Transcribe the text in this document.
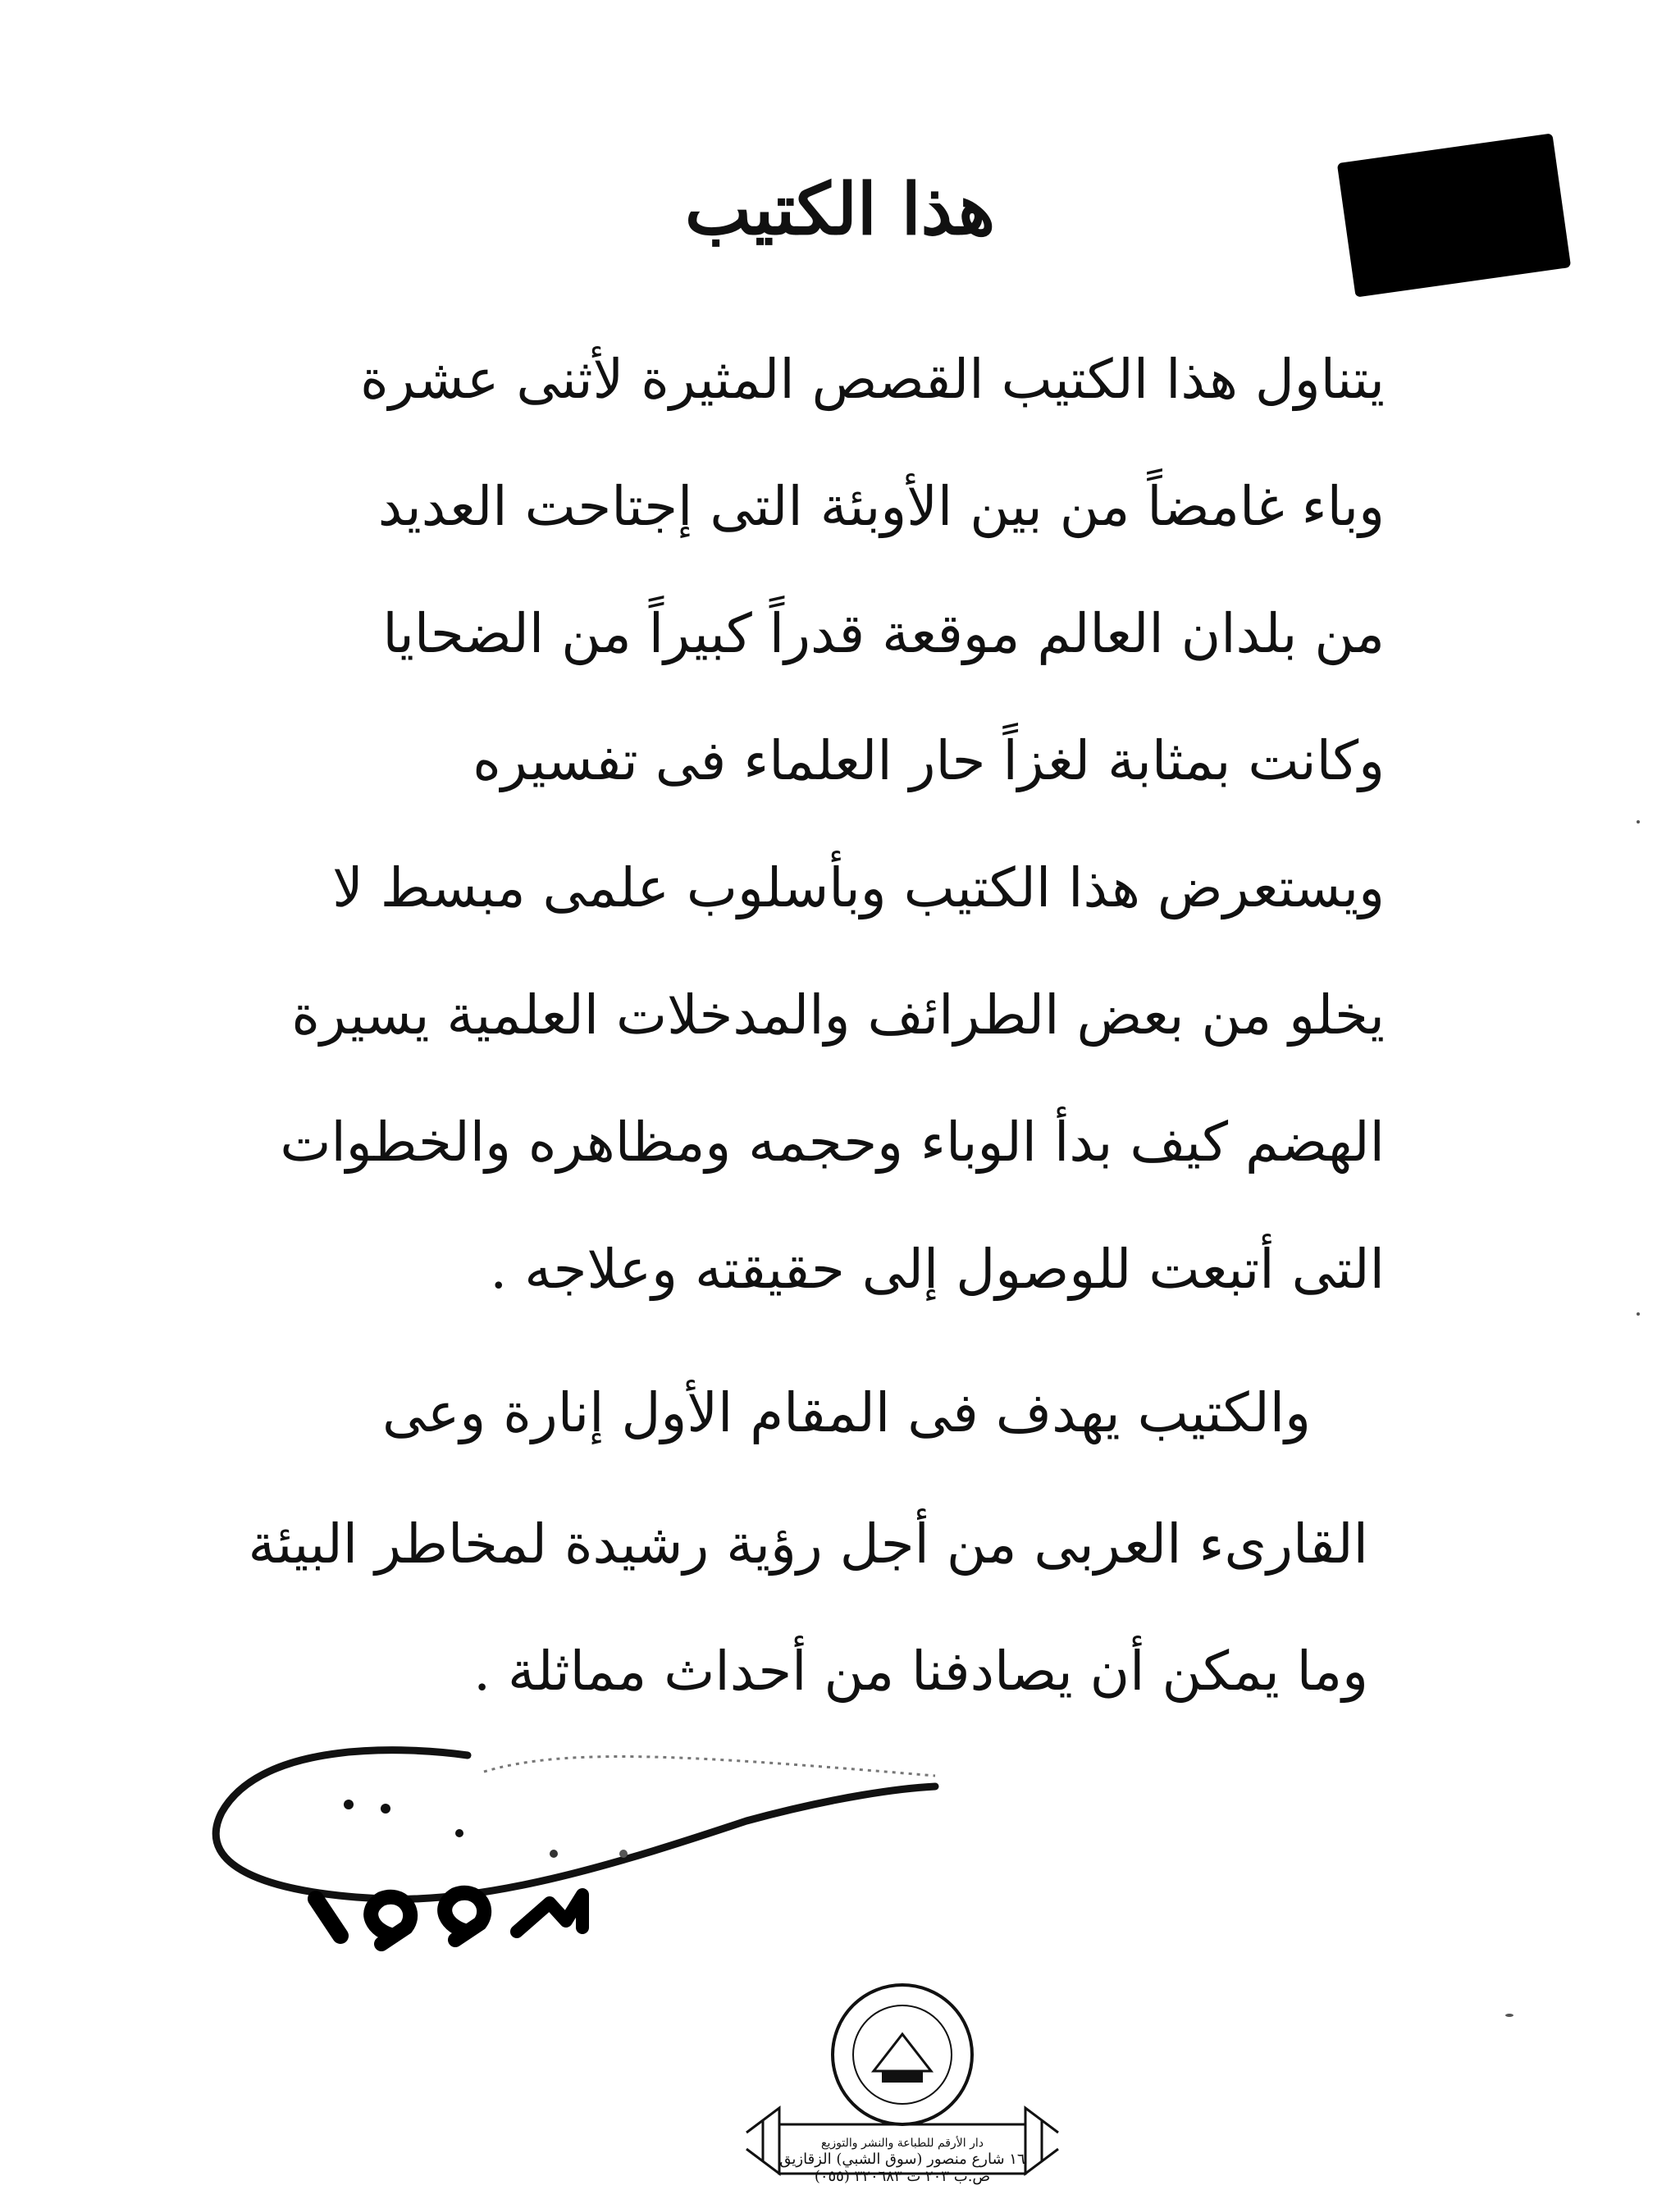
هذا الكتيب
يتناول هذا الكتيب القصص المثيرة لأثنى عشرة
وباء غامضاً من بين الأوبئة التى إجتاحت العديد
من بلدان العالم موقعة قدراً كبيراً من الضحايا
وكانت بمثابة لغزاً حار العلماء فى تفسيره
ويستعرض هذا الكتيب وبأسلوب علمى مبسط لا
يخلو من بعض الطرائف والمدخلات العلمية يسيرة
الهضم كيف بدأ الوباء وحجمه ومظاهره والخطوات
التى أتبعت للوصول إلى حقيقته وعلاجه .
والكتيب يهدف فى المقام الأول إنارة وعى
القارىء العربى من أجل رؤية رشيدة لمخاطر البيئة
وما يمكن أن يصادفنا من أحداث مماثلة .
دار الأرقم للطباعة والنشر والتوزيع
١٦ شارع منصور (سوق الشبي) الزقازيق
ص.ب ٢٠٣ ت ٣٢٠٦٨٣ (٠٥٥)
